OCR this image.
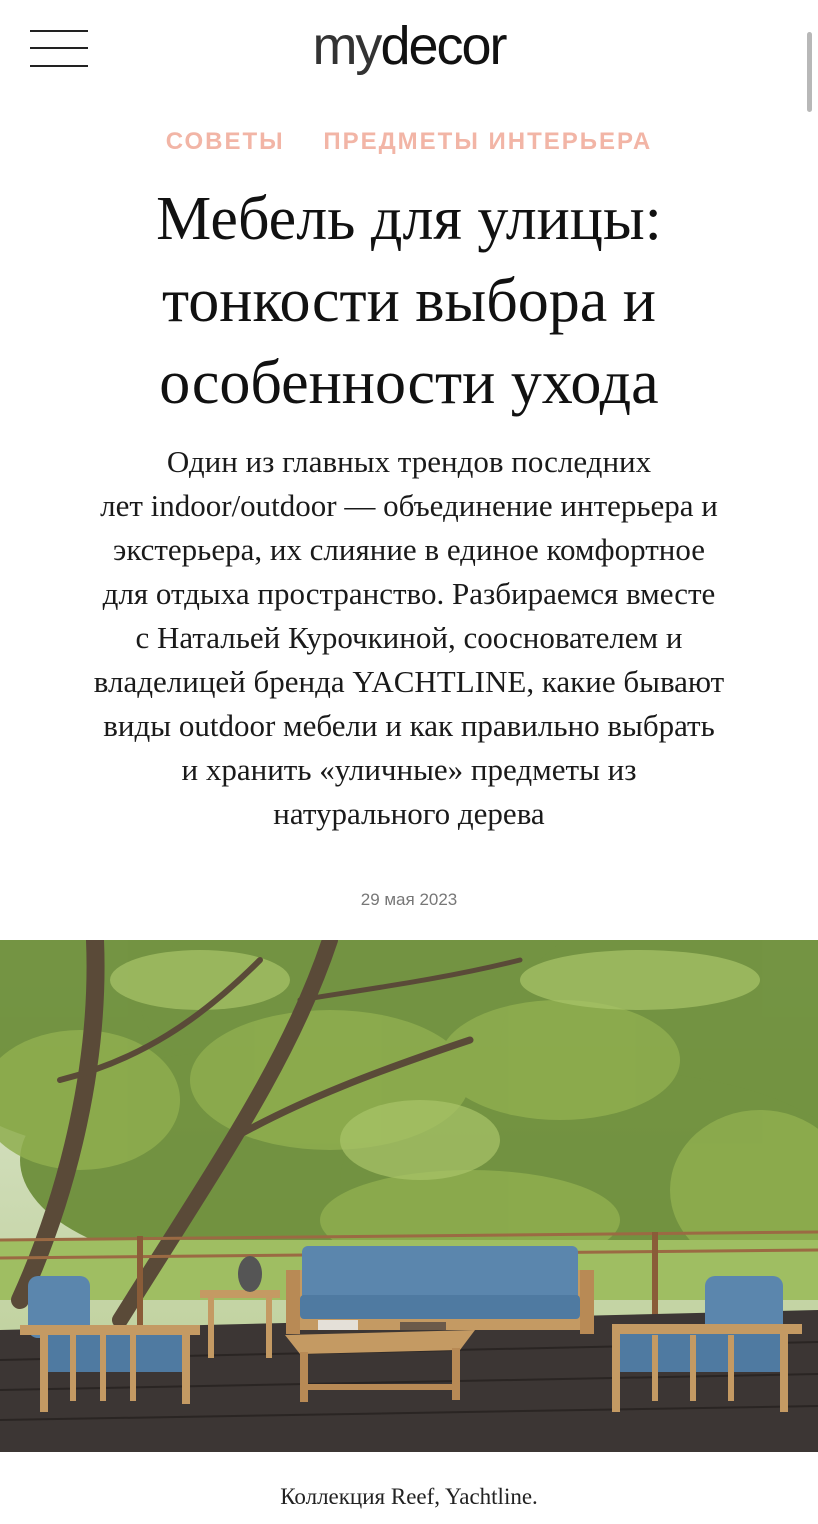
mydecor
СОВЕТЫ ПРЕДМЕТЫ ИНТЕРЬЕРА
Мебель для улицы:
тонкости выбора и
особенности ухода

Один из главных трендов последних
лет indoor/outdoor — объединение интерьера и
экстерьера, их слияние в единое комфортное
для отдыха пространство. Разбираемся вместе
с Натальей Курочкиной, сооснователем и
владелицей бренда YACHTLINE, какие бывают
виды outdoor мебели и как правильно выбрать
и хранить «уличные» предметы из
натурального дерева

29 мая 2023
Коллекция Reef, Yachtline.
